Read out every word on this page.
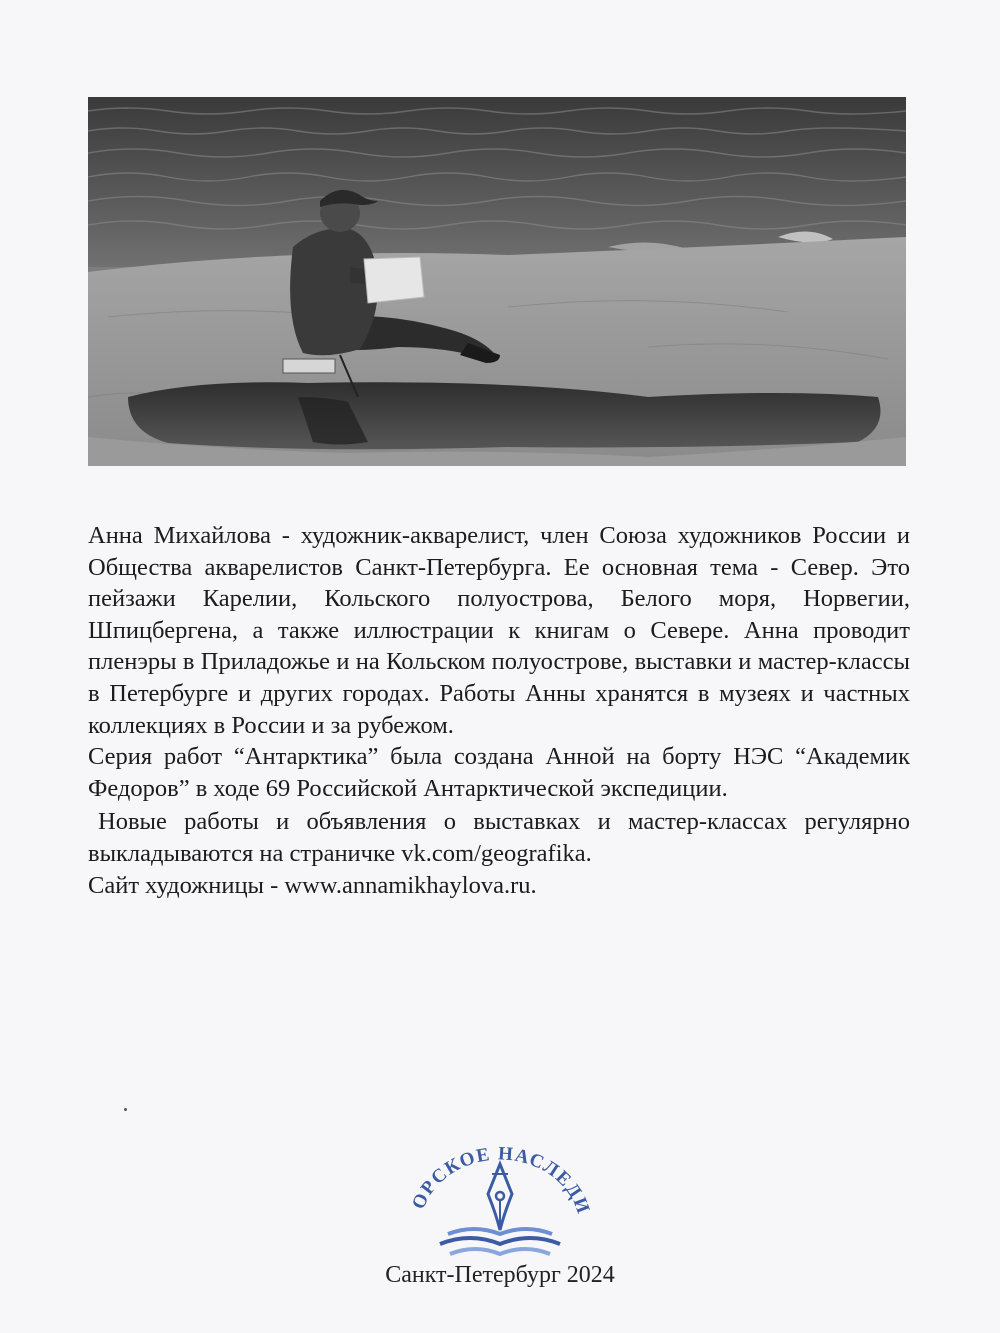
Анна Михайлова - художник-акварелист, член Союза художников России и Общества акварелистов Санкт-Петербурга. Ее основная тема - Север. Это пейзажи Карелии, Кольского полуострова, Белого моря, Норвегии, Шпицбергена, а также иллюстрации к книгам о Севере. Анна проводит пленэры в Приладожье и на Кольском полуострове, выставки и мастер-классы в Петербурге и других городах. Работы Анны хранятся в музеях и частных коллекциях в России и за рубежом.

Серия работ “Антарктика” была создана Анной на борту НЭС “Академик Федоров” в ходе 69 Российской Антарктической экспедиции.

Новые работы и объявления о выставках и мастер-классах регулярно выкладываются на страничке vk.com/geografika.

Сайт художницы - www.annamikhaylova.ru.

ОРСКОЕ НАСЛЕДИ
Санкт-Петербург 2024
